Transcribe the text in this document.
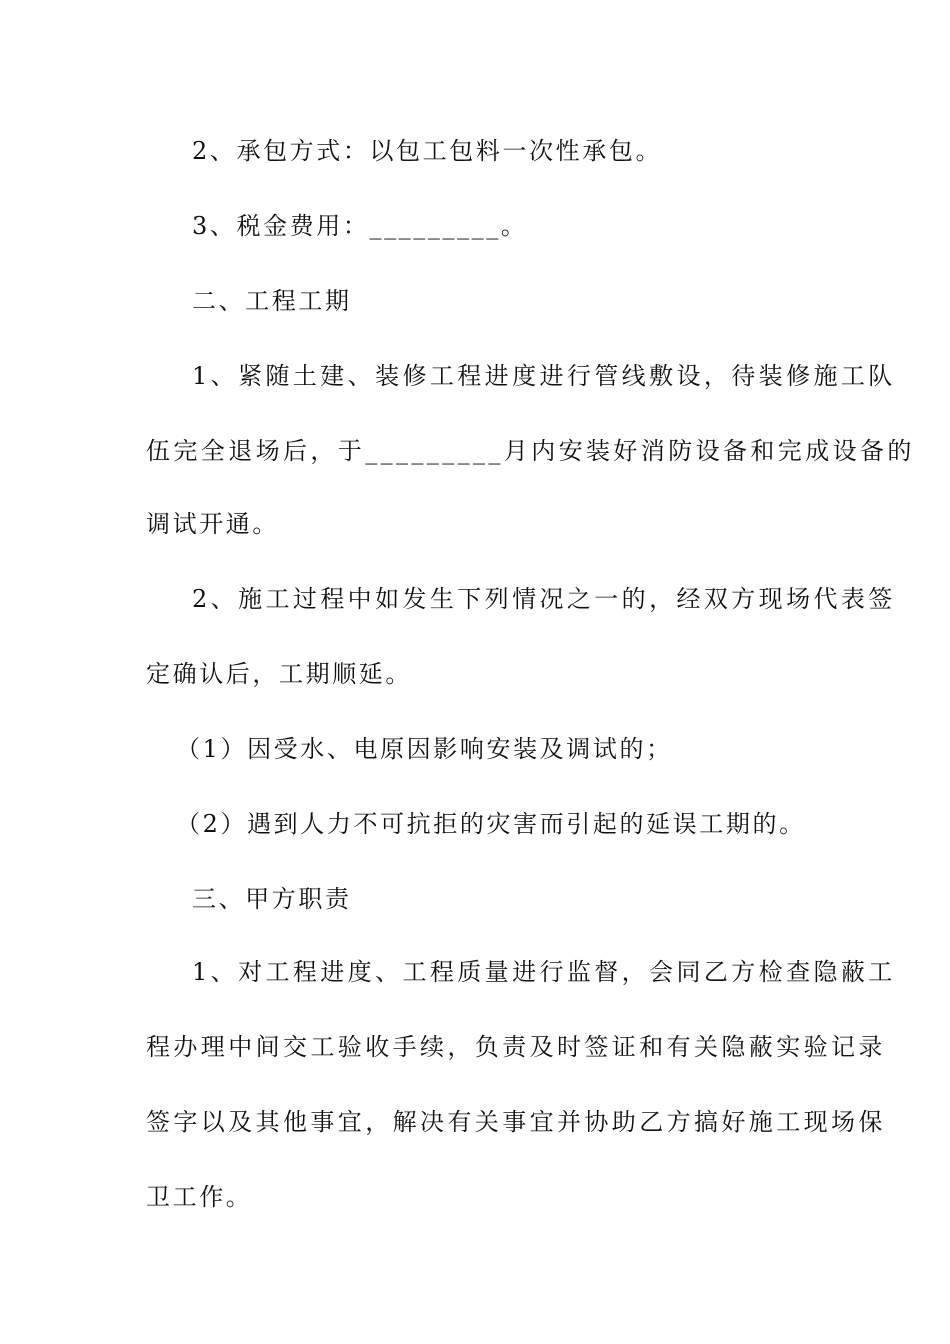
2、承包方式：以包工包料一次性承包。
3、税金费用：_________。
二、工程工期
1、紧随土建、装修工程进度进行管线敷设，待装修施工队
伍完全退场后，于_________月内安装好消防设备和完成设备的
调试开通。
2、施工过程中如发生下列情况之一的，经双方现场代表签
定确认后，工期顺延。
（1）因受水、电原因影响安装及调试的；
（2）遇到人力不可抗拒的灾害而引起的延误工期的。
三、甲方职责
1、对工程进度、工程质量进行监督，会同乙方检查隐蔽工
程办理中间交工验收手续，负责及时签证和有关隐蔽实验记录
签字以及其他事宜，解决有关事宜并协助乙方搞好施工现场保
卫工作。
